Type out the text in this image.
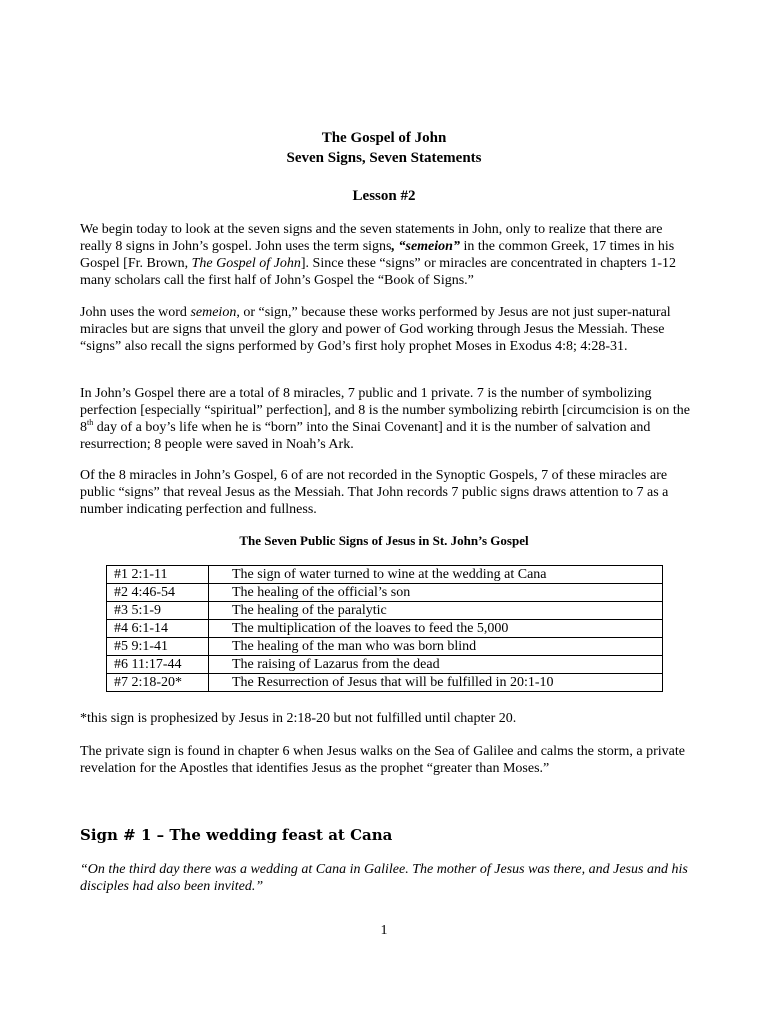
The Gospel of John
Seven Signs, Seven Statements
Lesson #2
We begin today to look at the seven signs and the seven statements in John, only to realize that there are really 8 signs in John’s gospel. John uses the term signs, “semeion” in the common Greek, 17 times in his Gospel [Fr. Brown, The Gospel of John]. Since these “signs” or miracles are concentrated in chapters 1-12 many scholars call the first half of John’s Gospel the “Book of Signs.”
John uses the word semeion, or “sign,” because these works performed by Jesus are not just super-natural miracles but are signs that unveil the glory and power of God working through Jesus the Messiah. These “signs” also recall the signs performed by God’s first holy prophet Moses in Exodus 4:8; 4:28-31.
In John’s Gospel there are a total of 8 miracles, 7 public and 1 private. 7 is the number of symbolizing perfection [especially “spiritual” perfection], and 8 is the number symbolizing rebirth [circumcision is on the 8th day of a boy’s life when he is “born” into the Sinai Covenant] and it is the number of salvation and resurrection; 8 people were saved in Noah’s Ark.
Of the 8 miracles in John’s Gospel, 6 of are not recorded in the Synoptic Gospels, 7 of these miracles are public “signs” that reveal Jesus as the Messiah. That John records 7 public signs draws attention to 7 as a number indicating perfection and fullness.
The Seven Public Signs of Jesus in St. John’s Gospel
#1 2:1-11	The sign of water turned to wine at the wedding at Cana
#2 4:46-54	The healing of the official’s son
#3 5:1-9	The healing of the paralytic
#4 6:1-14	The multiplication of the loaves to feed the 5,000
#5 9:1-41	The healing of the man who was born blind
#6 11:17-44	The raising of Lazarus from the dead
#7 2:18-20*	The Resurrection of Jesus that will be fulfilled in 20:1-10
*this sign is prophesized by Jesus in 2:18-20 but not fulfilled until chapter 20.
The private sign is found in chapter 6 when Jesus walks on the Sea of Galilee and calms the storm, a private revelation for the Apostles that identifies Jesus as the prophet “greater than Moses.”
Sign # 1 – The wedding feast at Cana
“On the third day there was a wedding at Cana in Galilee. The mother of Jesus was there, and Jesus and his disciples had also been invited.”
1
